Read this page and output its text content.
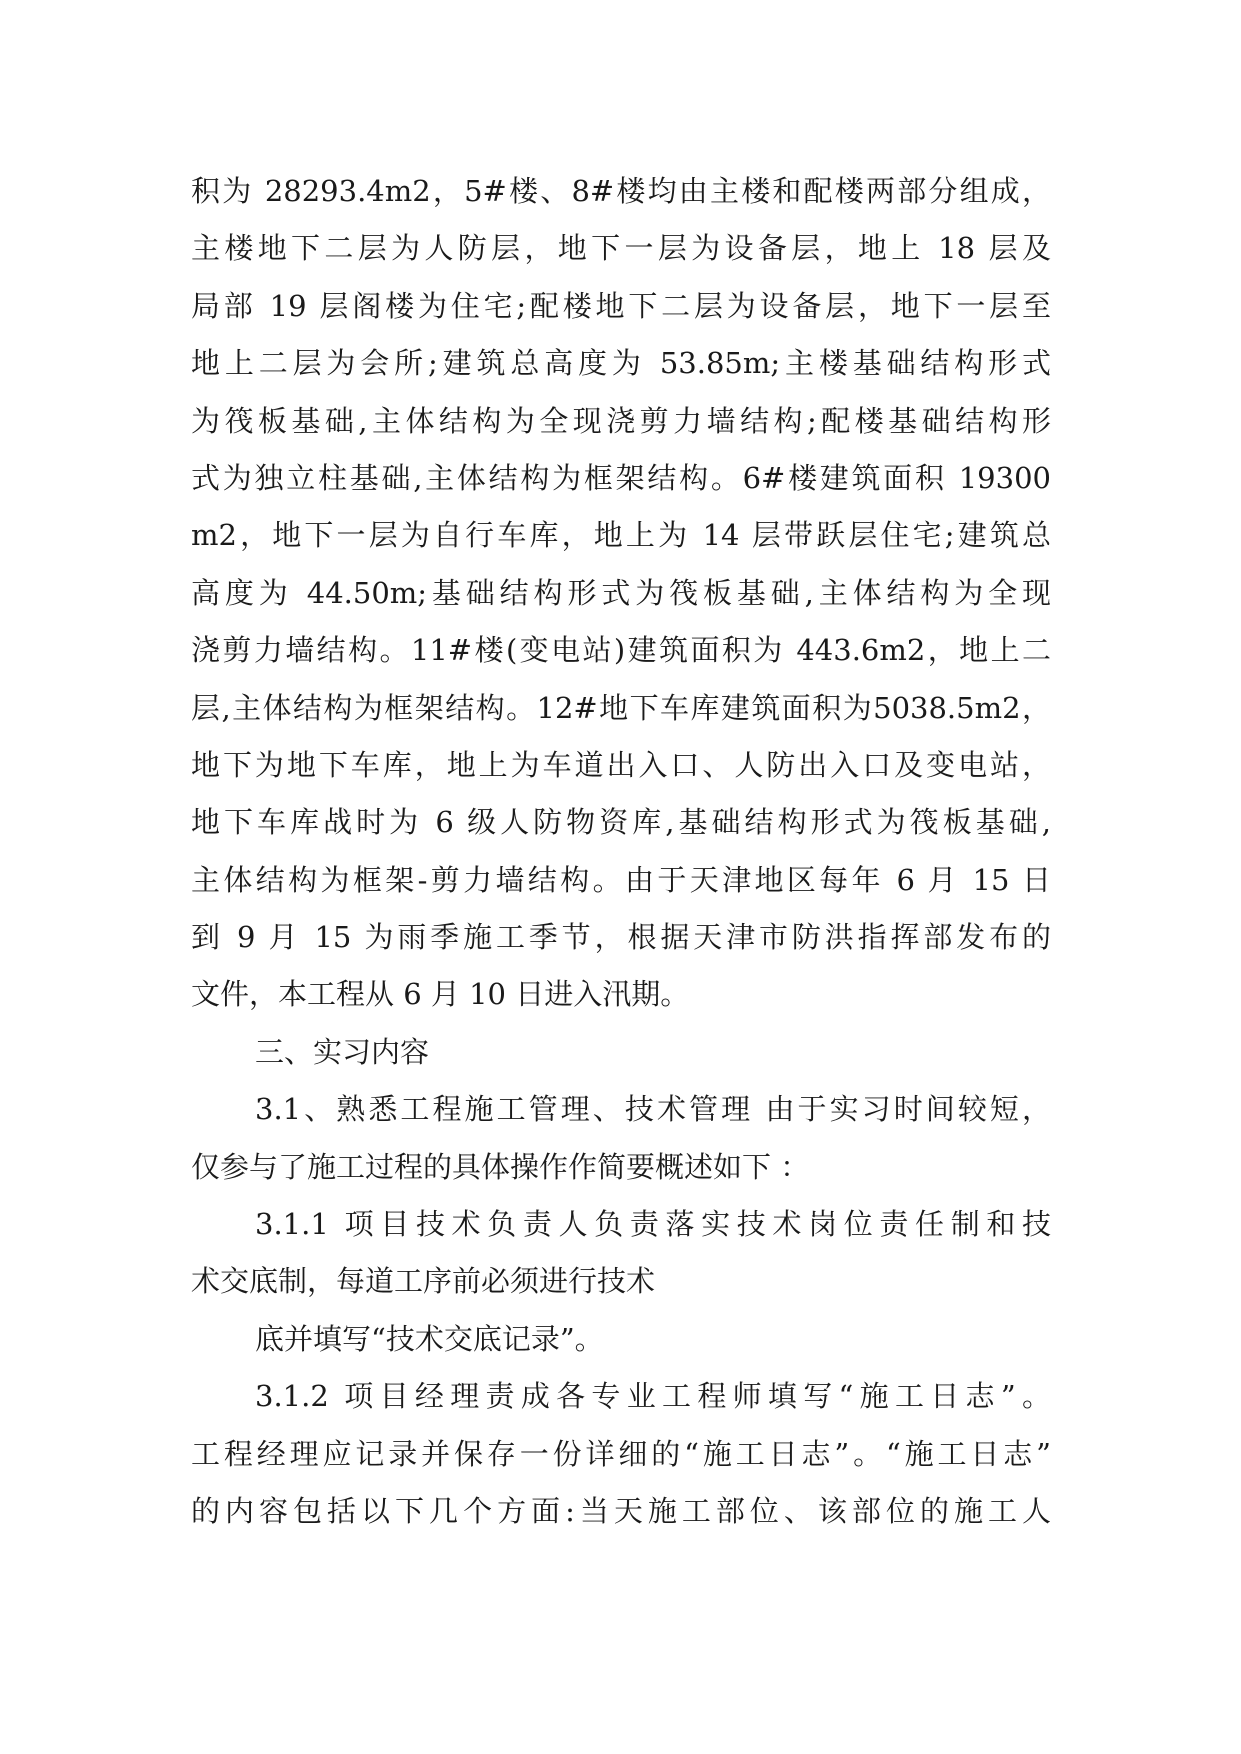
积为 28293.4m2，5#楼、8#楼均由主楼和配楼两部分组成，
主楼地下二层为人防层，地下一层为设备层，地上 18 层及
局部 19 层阁楼为住宅;配楼地下二层为设备层，地下一层至
地上二层为会所;建筑总高度为 53.85m;主楼基础结构形式
为筏板基础,主体结构为全现浇剪力墙结构;配楼基础结构形
式为独立柱基础,主体结构为框架结构。6#楼建筑面积 19300
m2，地下一层为自行车库，地上为 14 层带跃层住宅;建筑总
高度为 44.50m;基础结构形式为筏板基础,主体结构为全现
浇剪力墙结构。11#楼(变电站)建筑面积为 443.6m2，地上二
层,主体结构为框架结构。12#地下车库建筑面积为5038.5m2，
地下为地下车库，地上为车道出入口、人防出入口及变电站，
地下车库战时为 6 级人防物资库,基础结构形式为筏板基础,
主体结构为框架-剪力墙结构。由于天津地区每年 6 月 15 日
到 9 月 15 为雨季施工季节，根据天津市防洪指挥部发布的
文件，本工程从 6 月 10 日进入汛期。
三、实习内容
3.1、熟悉工程施工管理、技术管理 由于实习时间较短，
仅参与了施工过程的具体操作作简要概述如下 ：
3.1.1 项目技术负责人负责落实技术岗位责任制和技
术交底制，每道工序前必须进行技术
底并填写“技术交底记录”。
3.1.2 项目经理责成各专业工程师填写“施工日志”。
工程经理应记录并保存一份详细的“施工日志”。“施工日志”
的内容包括以下几个方面:当天施工部位、该部位的施工人
